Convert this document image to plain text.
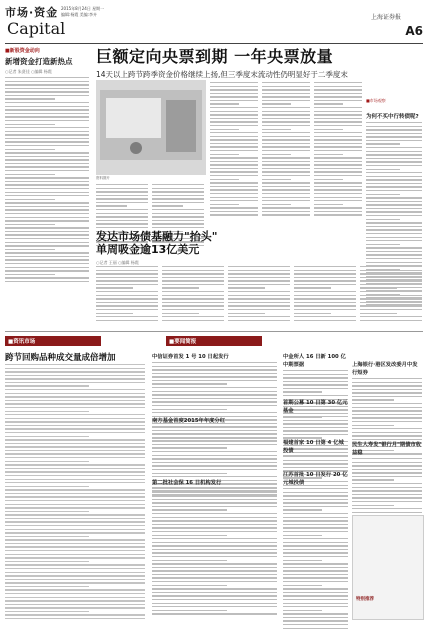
市场·资金
Capital
2015年8月24日 星期一
编辑:杨霞 美编:李卉	上海证券报
A6
■新股资金动向
新增资金打造新热点
○记者 朱贤佳 ○编辑 杨霞
巨额定向央票到期 一年央票放量
14天以上跨节跨季资金价格继续上扬,但三季度末流动性仍明显好于二季度末
资料图片
■市场观察
为何不买中行转债呢?
发达市场债基融力"抬头"
单周吸金逾13亿美元
○记者 王丽 ○编辑 杨霞
■资讯市场	■要闻简报
跨节回购品种成交量成倍增加	中信证券首发 1 号 10 日起发行
南方基金首度2015年年度分红
第二批社会保 16 日机构发行
中金所人 16 日新 100 亿中期票据
首期公募 10 日第 30 亿元基金
福建首家 10 日第 4 亿城投债
江苏首批 10 日发行 20 亿元城投债
上海银行·港区发改委月中发行短券
民生人寿发"银行月"期债市收益稳
特别推荐
